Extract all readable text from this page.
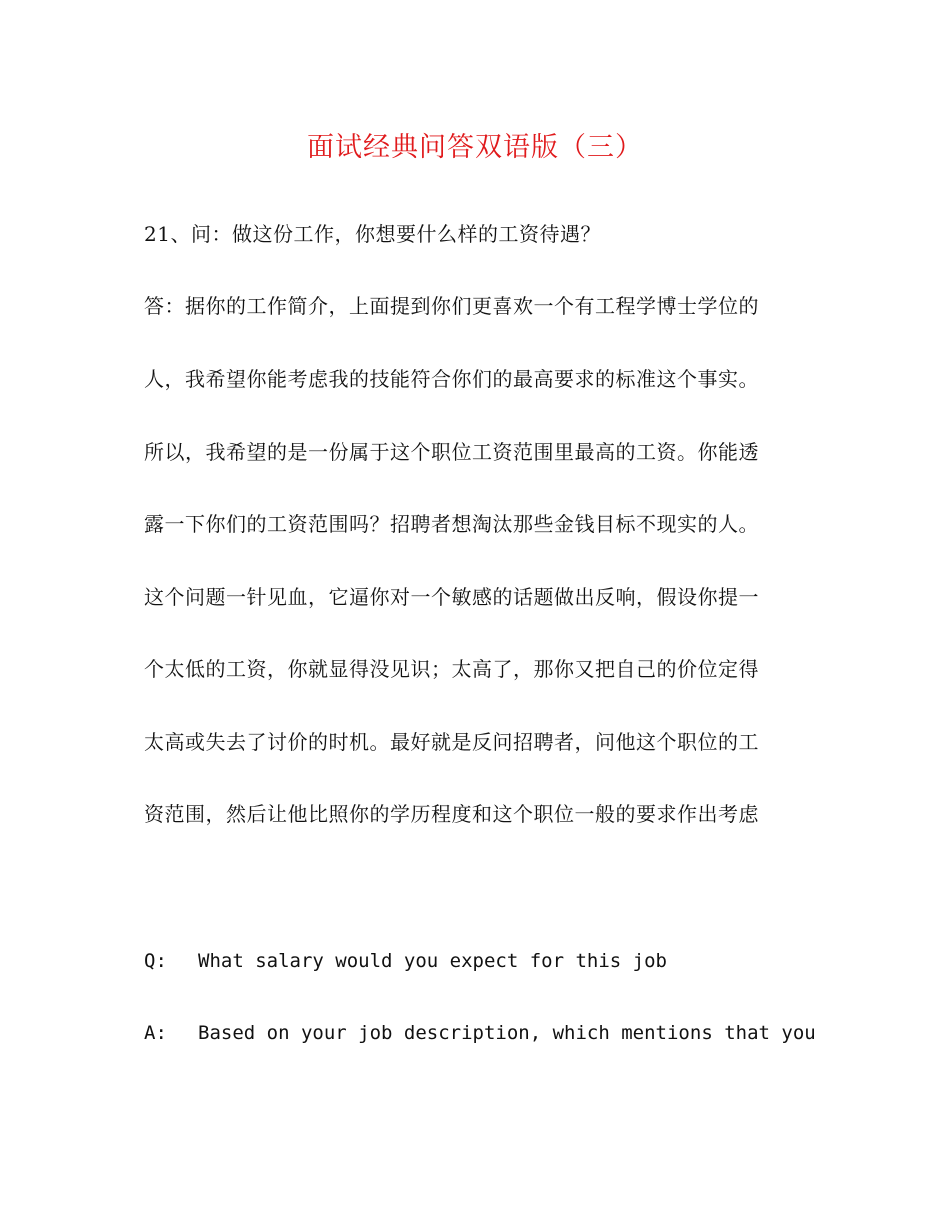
面试经典问答双语版（三）
21、问：做这份工作，你想要什么样的工资待遇？
答：据你的工作简介，上面提到你们更喜欢一个有工程学博士学位的
人，我希望你能考虑我的技能符合你们的最高要求的标准这个事实。
所以，我希望的是一份属于这个职位工资范围里最高的工资。你能透
露一下你们的工资范围吗？招聘者想淘汰那些金钱目标不现实的人。
这个问题一针见血，它逼你对一个敏感的话题做出反响，假设你提一
个太低的工资，你就显得没见识；太高了，那你又把自己的价位定得
太高或失去了讨价的时机。最好就是反问招聘者，问他这个职位的工
资范围，然后让他比照你的学历程度和这个职位一般的要求作出考虑
Q: What salary would you expect for this job
A: Based on your job description, which mentions that you
